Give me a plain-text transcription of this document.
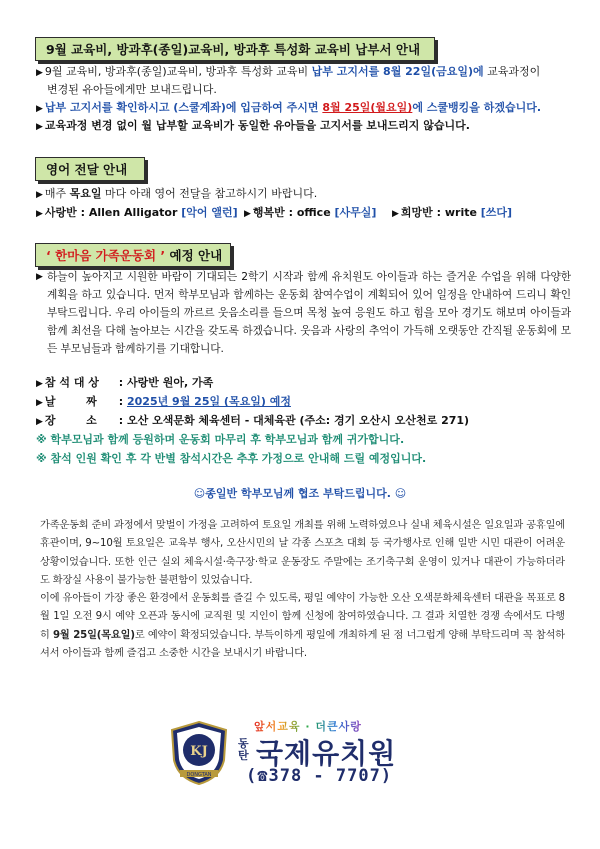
9월 교육비, 방과후(종일)교육비, 방과후 특성화 교육비 납부서 안내
▶ 9월 교육비, 방과후(종일)교육비, 방과후 특성화 교육비 납부 고지서를 8월 22일(금요일)에 교육과정이
변경된 유아들에게만 보내드립니다.
▶ 납부 고지서를 확인하시고 (스쿨계좌)에 입금하여 주시면 8월 25일(월요일)에 스쿨뱅킹을 하겠습니다.
▶ 교육과정 변경 없이 월 납부할 교육비가 동일한 유아들을 고지서를 보내드리지 않습니다.
영어 전달 안내
▶ 매주 목요일 마다 아래 영어 전달을 참고하시기 바랍니다.
▶ 사랑반 : Allen Alligator [악어 앨런] ▶ 행복반 : office [사무실] ▶ 희망반 : write [쓰다]
‘ 한마음 가족운동회 ’ 예정 안내
▶ 하늘이 높아지고 시원한 바람이 기대되는 2학기 시작과 함께 유치원도 아이들과 하는 즐거운 수업을 위해 다양한 계획을 하고 있습니다. 먼저 학부모님과 함께하는 운동회 참여수업이 계획되어 있어 일정을 안내하여 드리니 확인 부탁드립니다. 우리 아이들의 까르르 웃음소리를 들으며 목청 높여 응원도 하고 힘을 모아 경기도 해보며 아이들과 함께 최선을 다해 놀아보는 시간을 갖도록 하겠습니다. 웃음과 사랑의 추억이 가득해 오랫동안 간직될 운동회에 모든 부모님들과 함께하기를 기대합니다.
▶ 참 석 대 상 : 사랑반 원아, 가족
▶ 날        짜 : 2025년 9월 25일 (목요일) 예정
▶ 장        소 : 오산 오색문화 체육센터 - 대체육관 (주소: 경기 오산시 오산천로 271)
※ 학부모님과 함께 등원하며 운동회 마무리 후 학부모님과 함께 귀가합니다.
※ 참석 인원 확인 후 각 반별 참석시간은 추후 가정으로 안내해 드릴 예정입니다.
☺종일반 학부모님께 협조 부탁드립니다. ☺
가족운동회 준비 과정에서 맞벌이 가정을 고려하여 토요일 개최를 위해 노력하였으나 실내 체육시설은 일요일과 공휴일에 휴관이며, 9~10월 토요일은 교육부 행사, 오산시민의 날 각종 스포츠 대회 등 국가행사로 인해 일반 시민 대관이 어려운 상황이었습니다. 또한 인근 실외 체육시설·축구장·학교 운동장도 주말에는 조기축구회 운영이 있거나 대관이 가능하더라도 화장실 사용이 불가능한 불편함이 있었습니다.
이에 유아들이 가장 좋은 환경에서 운동회를 즐길 수 있도록, 평일 예약이 가능한 오산 오색문화체육센터 대관을 목표로 8월 1일 오전 9시 예약 오픈과 동시에 교직원 및 지인이 함께 신청에 참여하였습니다. 그 결과 치열한 경쟁 속에서도 다행히 9월 25일(목요일)로 예약이 확정되었습니다. 부득이하게 평일에 개최하게 된 점 너그럽게 양해 부탁드리며 꼭 참석하셔서 아이들과 함께 즐겁고 소중한 시간을 보내시기 바랍니다.
KJ
DONGTAN
앞서교육 · 더큰사랑
동탄 국제유치원
(☎378 - 7707)
